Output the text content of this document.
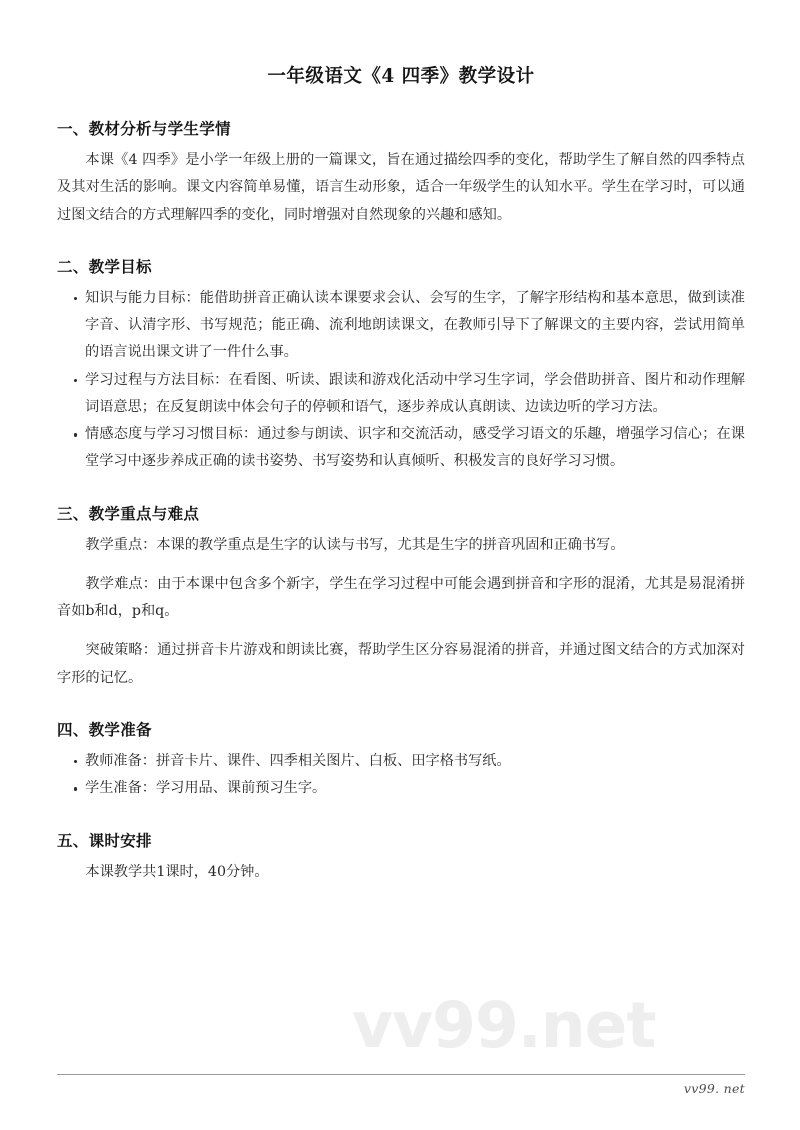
vv99.net
一年级语文《4 四季》教学设计
一、教材分析与学生学情

本课《4 四季》是小学一年级上册的一篇课文，旨在通过描绘四季的变化，帮助学生了解自然的四季特点及其对生活的影响。课文内容简单易懂，语言生动形象，适合一年级学生的认知水平。学生在学习时，可以通过图文结合的方式理解四季的变化，同时增强对自然现象的兴趣和感知。

二、教学目标
知识与能力目标：能借助拼音正确认读本课要求会认、会写的生字，了解字形结构和基本意思，做到读准字音、认清字形、书写规范；能正确、流利地朗读课文，在教师引导下了解课文的主要内容，尝试用简单的语言说出课文讲了一件什么事。
学习过程与方法目标：在看图、听读、跟读和游戏化活动中学习生字词，学会借助拼音、图片和动作理解词语意思；在反复朗读中体会句子的停顿和语气，逐步养成认真朗读、边读边听的学习方法。
情感态度与学习习惯目标：通过参与朗读、识字和交流活动，感受学习语文的乐趣，增强学习信心；在课堂学习中逐步养成正确的读书姿势、书写姿势和认真倾听、积极发言的良好学习习惯。
三、教学重点与难点

教学重点：本课的教学重点是生字的认读与书写，尤其是生字的拼音巩固和正确书写。

教学难点：由于本课中包含多个新字，学生在学习过程中可能会遇到拼音和字形的混淆，尤其是易混淆拼音如b和d，p和q。

突破策略：通过拼音卡片游戏和朗读比赛，帮助学生区分容易混淆的拼音，并通过图文结合的方式加深对字形的记忆。

四、教学准备
教师准备：拼音卡片、课件、四季相关图片、白板、田字格书写纸。
学生准备：学习用品、课前预习生字。
五、课时安排

本课教学共1课时，40分钟。

vv99. net
